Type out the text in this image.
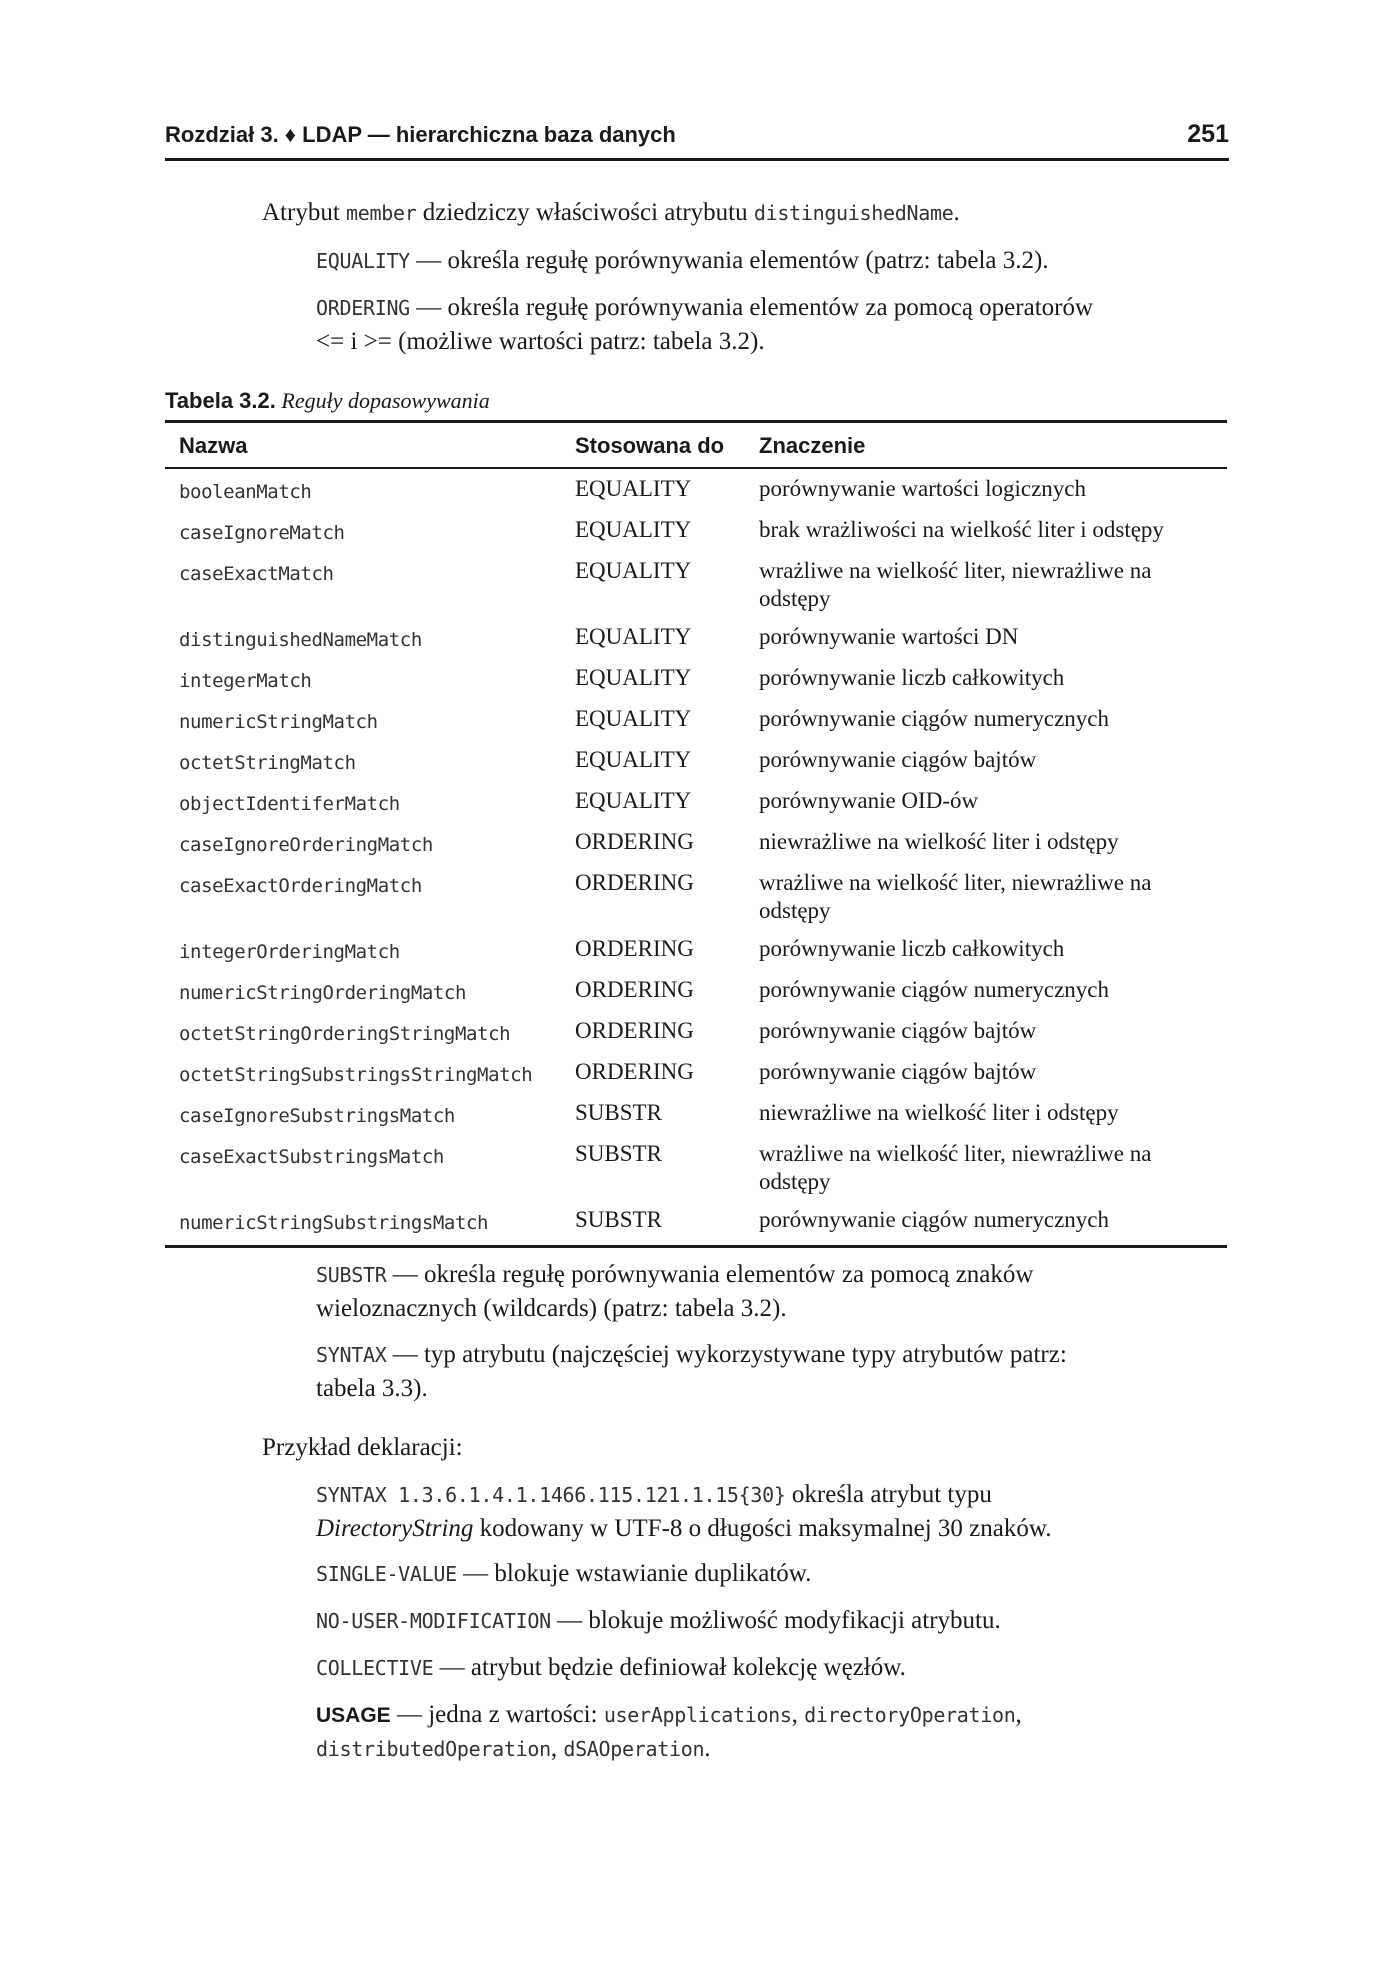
Rozdział 3. ♦ LDAP — hierarchiczna baza danych	251
Atrybut member dziedziczy właściwości atrybutu distinguishedName.
EQUALITY — określa regułę porównywania elementów (patrz: tabela 3.2).
ORDERING — określa regułę porównywania elementów za pomocą operatorów
<= i >= (możliwe wartości patrz: tabela 3.2).
Tabela 3.2. Reguły dopasowywania
Nazwa	Stosowana do	Znaczenie
booleanMatch	EQUALITY	porównywanie wartości logicznych
caseIgnoreMatch	EQUALITY	brak wrażliwości na wielkość liter i odstępy
caseExactMatch	EQUALITY	wrażliwe na wielkość liter, niewrażliwe na odstępy
distinguishedNameMatch	EQUALITY	porównywanie wartości DN
integerMatch	EQUALITY	porównywanie liczb całkowitych
numericStringMatch	EQUALITY	porównywanie ciągów numerycznych
octetStringMatch	EQUALITY	porównywanie ciągów bajtów
objectIdentiferMatch	EQUALITY	porównywanie OID-ów
caseIgnoreOrderingMatch	ORDERING	niewrażliwe na wielkość liter i odstępy
caseExactOrderingMatch	ORDERING	wrażliwe na wielkość liter, niewrażliwe na odstępy
integerOrderingMatch	ORDERING	porównywanie liczb całkowitych
numericStringOrderingMatch	ORDERING	porównywanie ciągów numerycznych
octetStringOrderingStringMatch	ORDERING	porównywanie ciągów bajtów
octetStringSubstringsStringMatch	ORDERING	porównywanie ciągów bajtów
caseIgnoreSubstringsMatch	SUBSTR	niewrażliwe na wielkość liter i odstępy
caseExactSubstringsMatch	SUBSTR	wrażliwe na wielkość liter, niewrażliwe na odstępy
numericStringSubstringsMatch	SUBSTR	porównywanie ciągów numerycznych
SUBSTR — określa regułę porównywania elementów za pomocą znaków
wieloznacznych (wildcards) (patrz: tabela 3.2).
SYNTAX — typ atrybutu (najczęściej wykorzystywane typy atrybutów patrz:
tabela 3.3).
Przykład deklaracji:
SYNTAX 1.3.6.1.4.1.1466.115.121.1.15{30} określa atrybut typu
DirectoryString kodowany w UTF-8 o długości maksymalnej 30 znaków.
SINGLE-VALUE — blokuje wstawianie duplikatów.
NO-USER-MODIFICATION — blokuje możliwość modyfikacji atrybutu.
COLLECTIVE — atrybut będzie definiował kolekcję węzłów.
USAGE — jedna z wartości: userApplications, directoryOperation,
distributedOperation, dSAOperation.
